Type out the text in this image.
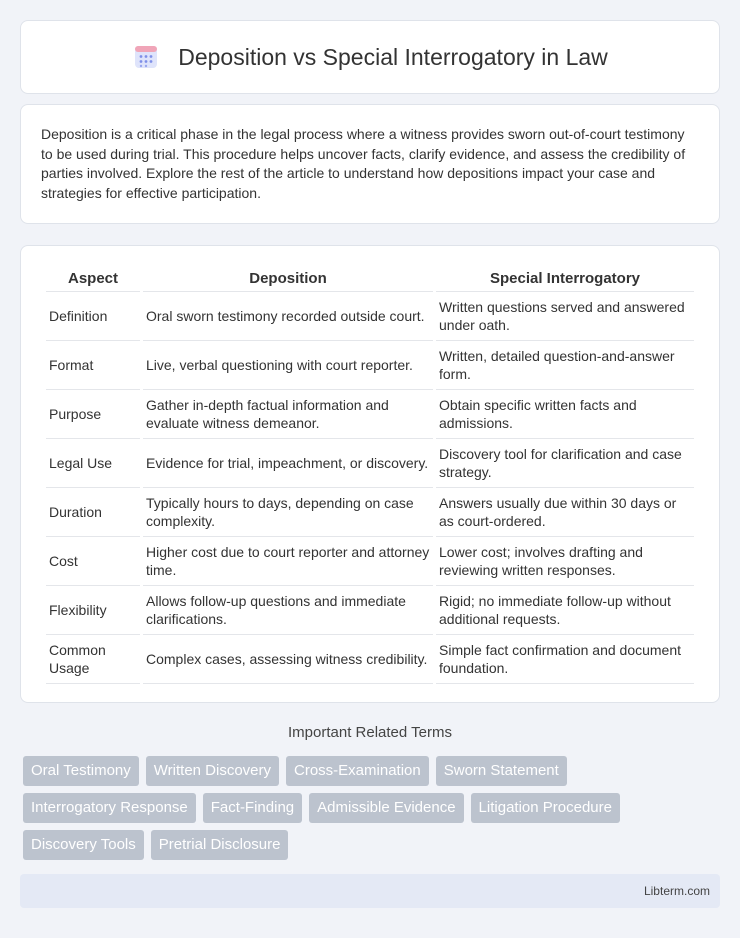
Deposition vs Special Interrogatory in Law

Deposition is a critical phase in the legal process where a witness provides sworn out-of-court testimony to be used during trial. This procedure helps uncover facts, clarify evidence, and assess the credibility of parties involved. Explore the rest of the article to understand how depositions impact your case and strategies for effective participation.

Aspect	Deposition	Special Interrogatory
Definition	Oral sworn testimony recorded outside court.	Written questions served and answered under oath.
Format	Live, verbal questioning with court reporter.	Written, detailed question-and-answer form.
Purpose	Gather in-depth factual information and evaluate witness demeanor.	Obtain specific written facts and admissions.
Legal Use	Evidence for trial, impeachment, or discovery.	Discovery tool for clarification and case strategy.
Duration	Typically hours to days, depending on case complexity.	Answers usually due within 30 days or as court-ordered.
Cost	Higher cost due to court reporter and attorney time.	Lower cost; involves drafting and reviewing written responses.
Flexibility	Allows follow-up questions and immediate clarifications.	Rigid; no immediate follow-up without additional requests.
Common Usage	Complex cases, assessing witness credibility.	Simple fact confirmation and document foundation.
Important Related Terms
Oral Testimony	Written Discovery	Cross-Examination	Sworn Statement
Interrogatory Response	Fact-Finding	Admissible Evidence	Litigation Procedure
Discovery Tools	Pretrial Disclosure
Libterm.com
